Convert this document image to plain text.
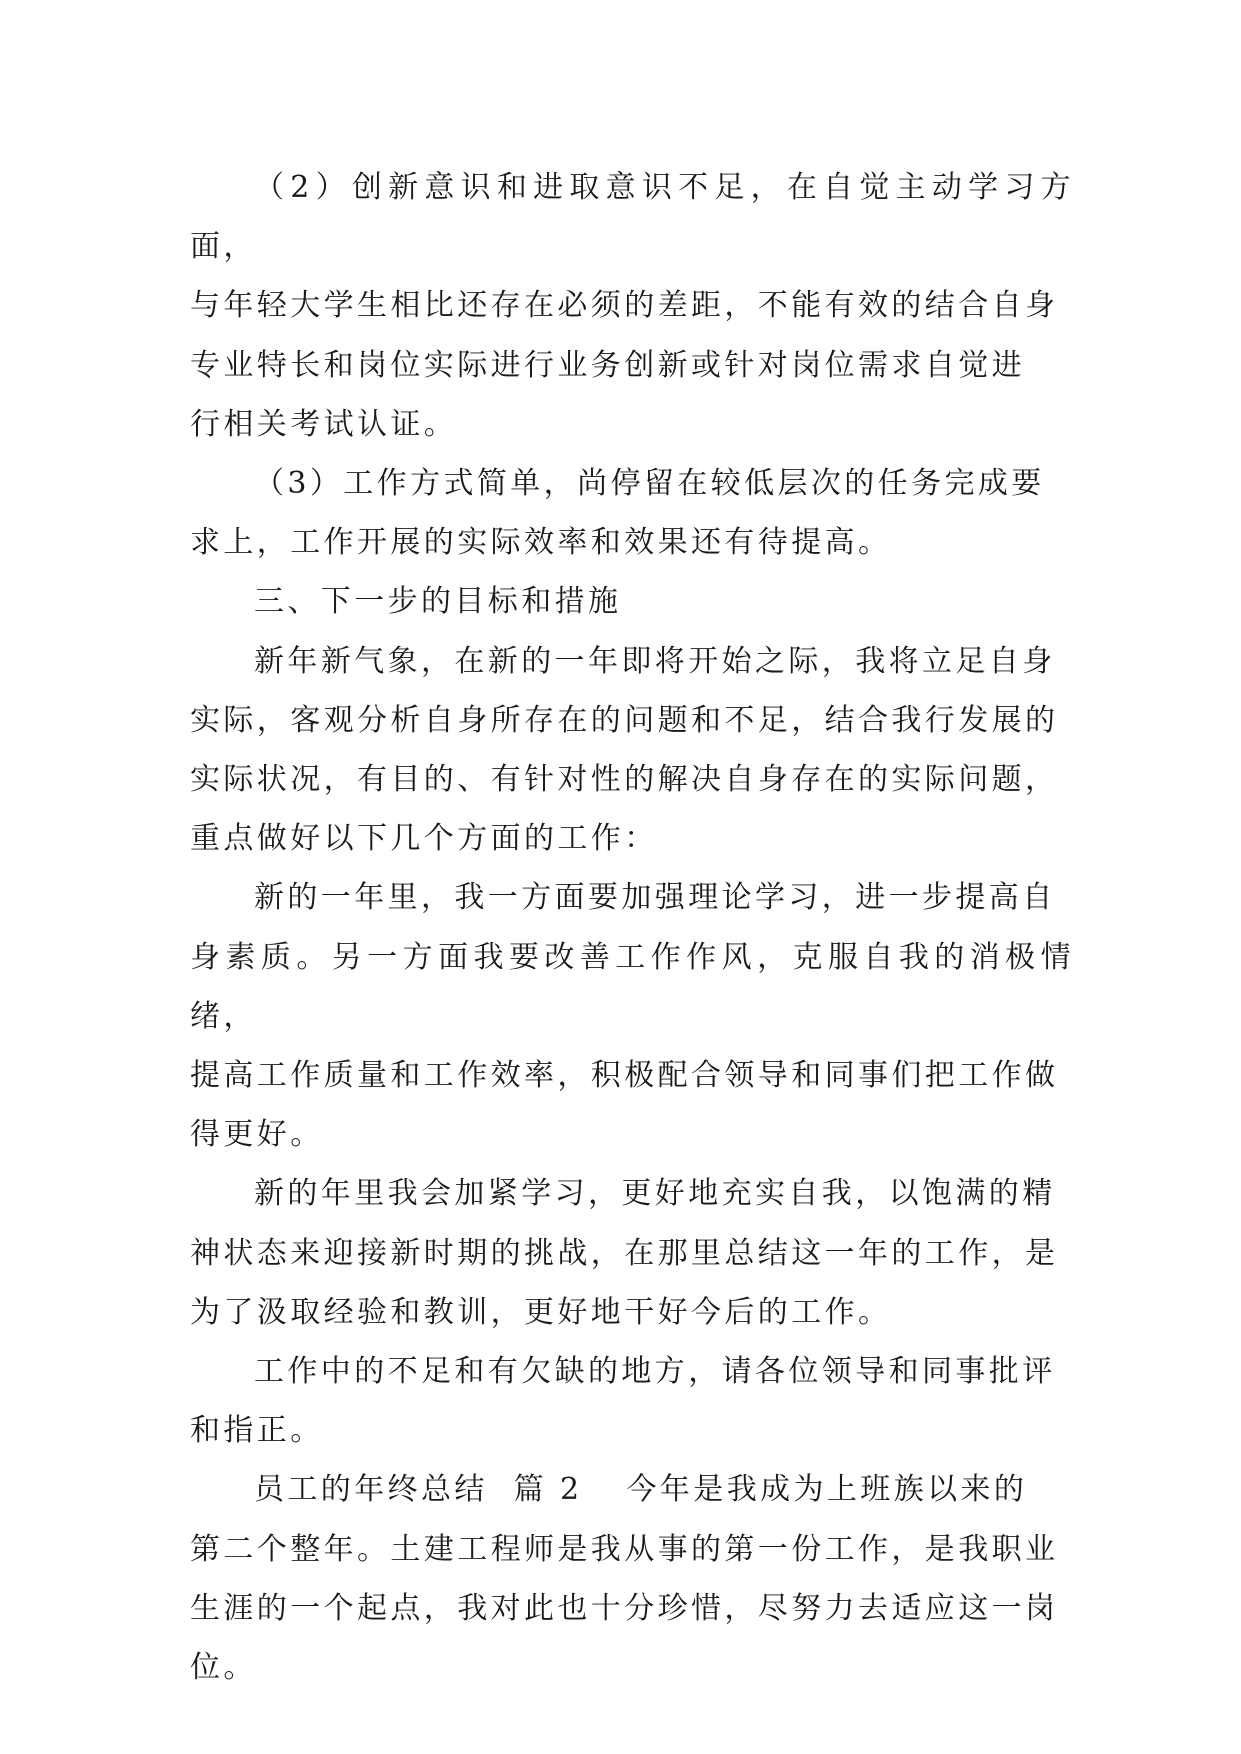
（2）创新意识和进取意识不足，在自觉主动学习方面，
与年轻大学生相比还存在必须的差距，不能有效的结合自身
专业特长和岗位实际进行业务创新或针对岗位需求自觉进
行相关考试认证。

（3）工作方式简单，尚停留在较低层次的任务完成要
求上，工作开展的实际效率和效果还有待提高。

三、下一步的目标和措施

新年新气象，在新的一年即将开始之际，我将立足自身
实际，客观分析自身所存在的问题和不足，结合我行发展的
实际状况，有目的、有针对性的解决自身存在的实际问题，
重点做好以下几个方面的工作：

新的一年里，我一方面要加强理论学习，进一步提高自
身素质。另一方面我要改善工作作风，克服自我的消极情绪，
提高工作质量和工作效率，积极配合领导和同事们把工作做
得更好。

新的年里我会加紧学习，更好地充实自我，以饱满的精
神状态来迎接新时期的挑战，在那里总结这一年的工作，是
为了汲取经验和教训，更好地干好今后的工作。

工作中的不足和有欠缺的地方，请各位领导和同事批评
和指正。

员工的年终总结  篇 2 今年是我成为上班族以来的
第二个整年。土建工程师是我从事的第一份工作，是我职业
生涯的一个起点，我对此也十分珍惜，尽努力去适应这一岗
位。
